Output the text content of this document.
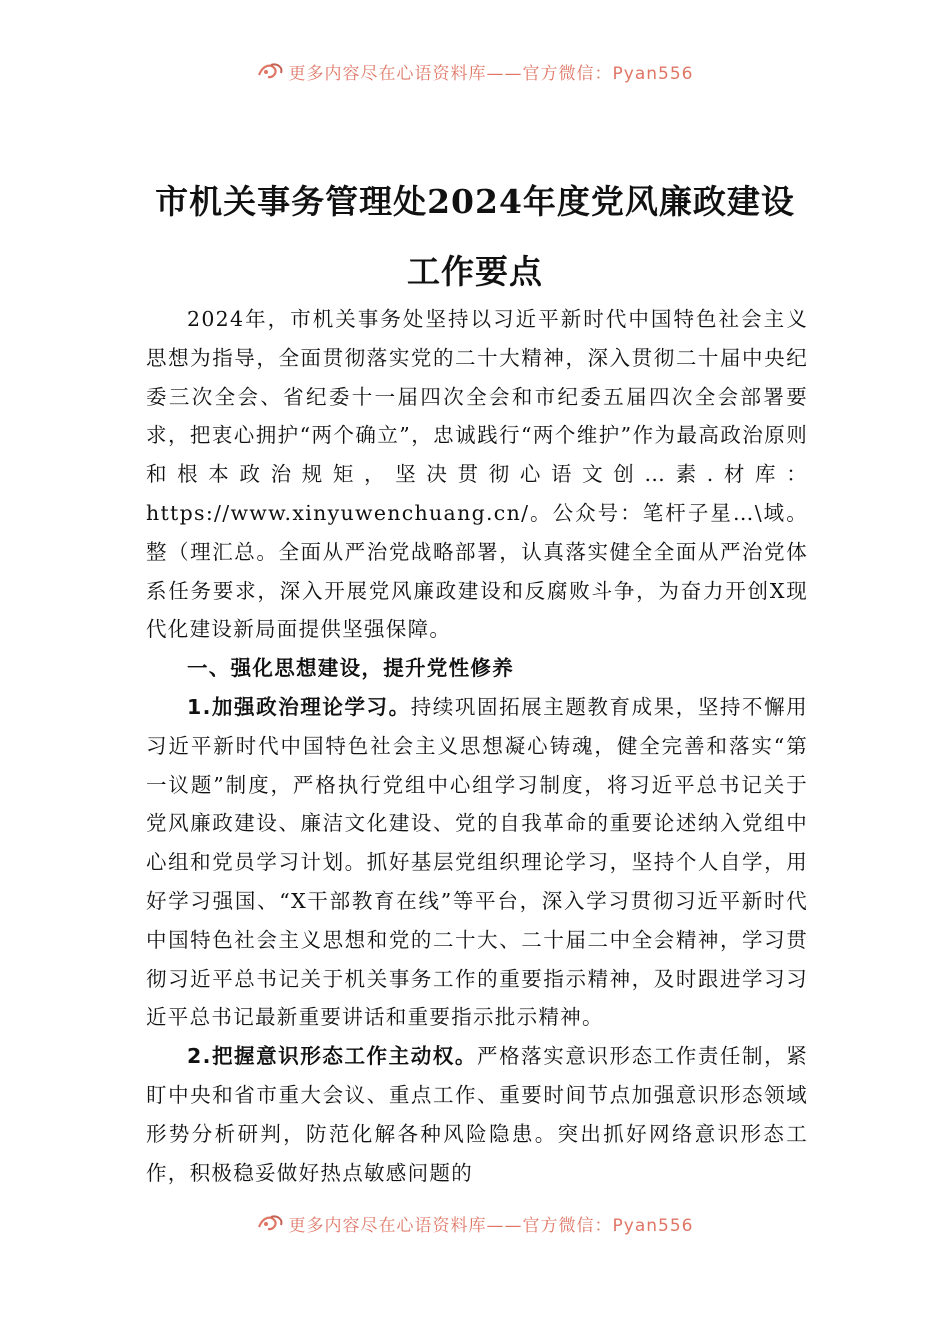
更多内容尽在心语资料库——官方微信：Pyan556
市机关事务管理处2024年度党风廉政建设
工作要点

2024年，市机关事务处坚持以习近平新时代中国特色社会主义思想为指导，全面贯彻落实党的二十大精神，深入贯彻二十届中央纪委三次全会、省纪委十一届四次全会和市纪委五届四次全会部署要求，把衷心拥护“两个确立”，忠诚践行“两个维护”作为最高政治原则和根本政治规矩，坚决贯彻心语文创…素.材库：https://www.xinyuwenchuang.cn/。公众号：笔杆子星…\域。整（理汇总。全面从严治党战略部署，认真落实健全全面从严治党体系任务要求，深入开展党风廉政建设和反腐败斗争，为奋力开创X现代化建设新局面提供坚强保障。

一、强化思想建设，提升党性修养

1.加强政治理论学习。持续巩固拓展主题教育成果，坚持不懈用习近平新时代中国特色社会主义思想凝心铸魂，健全完善和落实“第一议题”制度，严格执行党组中心组学习制度，将习近平总书记关于党风廉政建设、廉洁文化建设、党的自我革命的重要论述纳入党组中心组和党员学习计划。抓好基层党组织理论学习，坚持个人自学，用好学习强国、“X干部教育在线”等平台，深入学习贯彻习近平新时代中国特色社会主义思想和党的二十大、二十届二中全会精神，学习贯彻习近平总书记关于机关事务工作的重要指示精神，及时跟进学习习近平总书记最新重要讲话和重要指示批示精神。

2.把握意识形态工作主动权。严格落实意识形态工作责任制，紧盯中央和省市重大会议、重点工作、重要时间节点加强意识形态领域形势分析研判，防范化解各种风险隐患。突出抓好网络意识形态工作，积极稳妥做好热点敏感问题的

更多内容尽在心语资料库——官方微信：Pyan556
